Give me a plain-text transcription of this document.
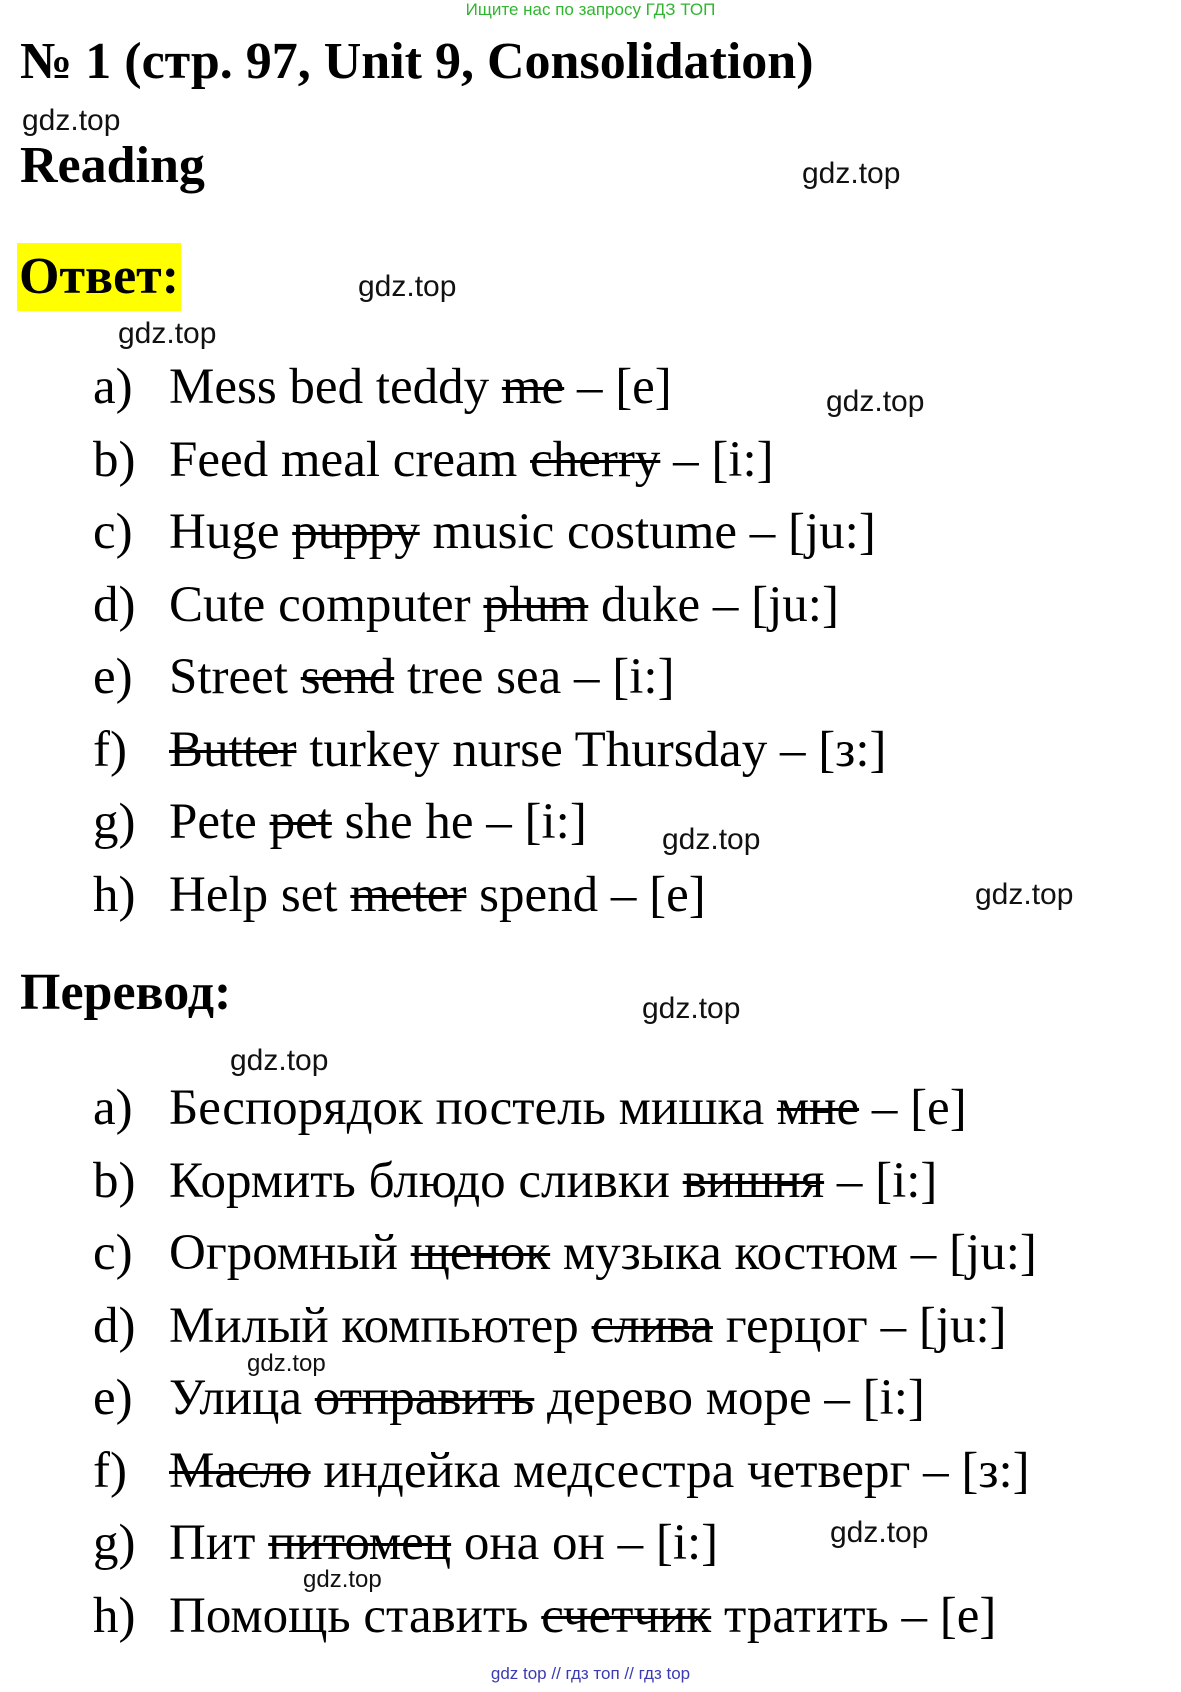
Ищите нас по запросу ГДЗ ТОП
№ 1 (стр. 97, Unit 9, Consolidation)
Reading
Ответ:
a) Mess bed teddy me – [e]
b) Feed meal cream cherry – [i:]
c) Huge puppy music costume – [ju:]
d) Cute computer plum duke – [ju:]
e) Street send tree sea – [i:]
f) Butter turkey nurse Thursday – [з:]
g) Pete pet she he – [i:]
h) Help set meter spend – [e]
Перевод:
a) Беспорядок постель мишка мне – [e]
b) Кормить блюдо сливки вишня – [i:]
c) Огромный щенок музыка костюм – [ju:]
d) Милый компьютер слива герцог – [ju:]
e) Улица отправить дерево море – [i:]
f) Масло индейка медсестра четверг – [з:]
g) Пит питомец она он – [i:]
h) Помощь ставить счетчик тратить – [e]
gdz.top
gdz.top
gdz.top
gdz.top
gdz.top
gdz.top
gdz.top
gdz.top
gdz.top
gdz.top
gdz.top
gdz.top
gdz top // гдз топ // гдз top
